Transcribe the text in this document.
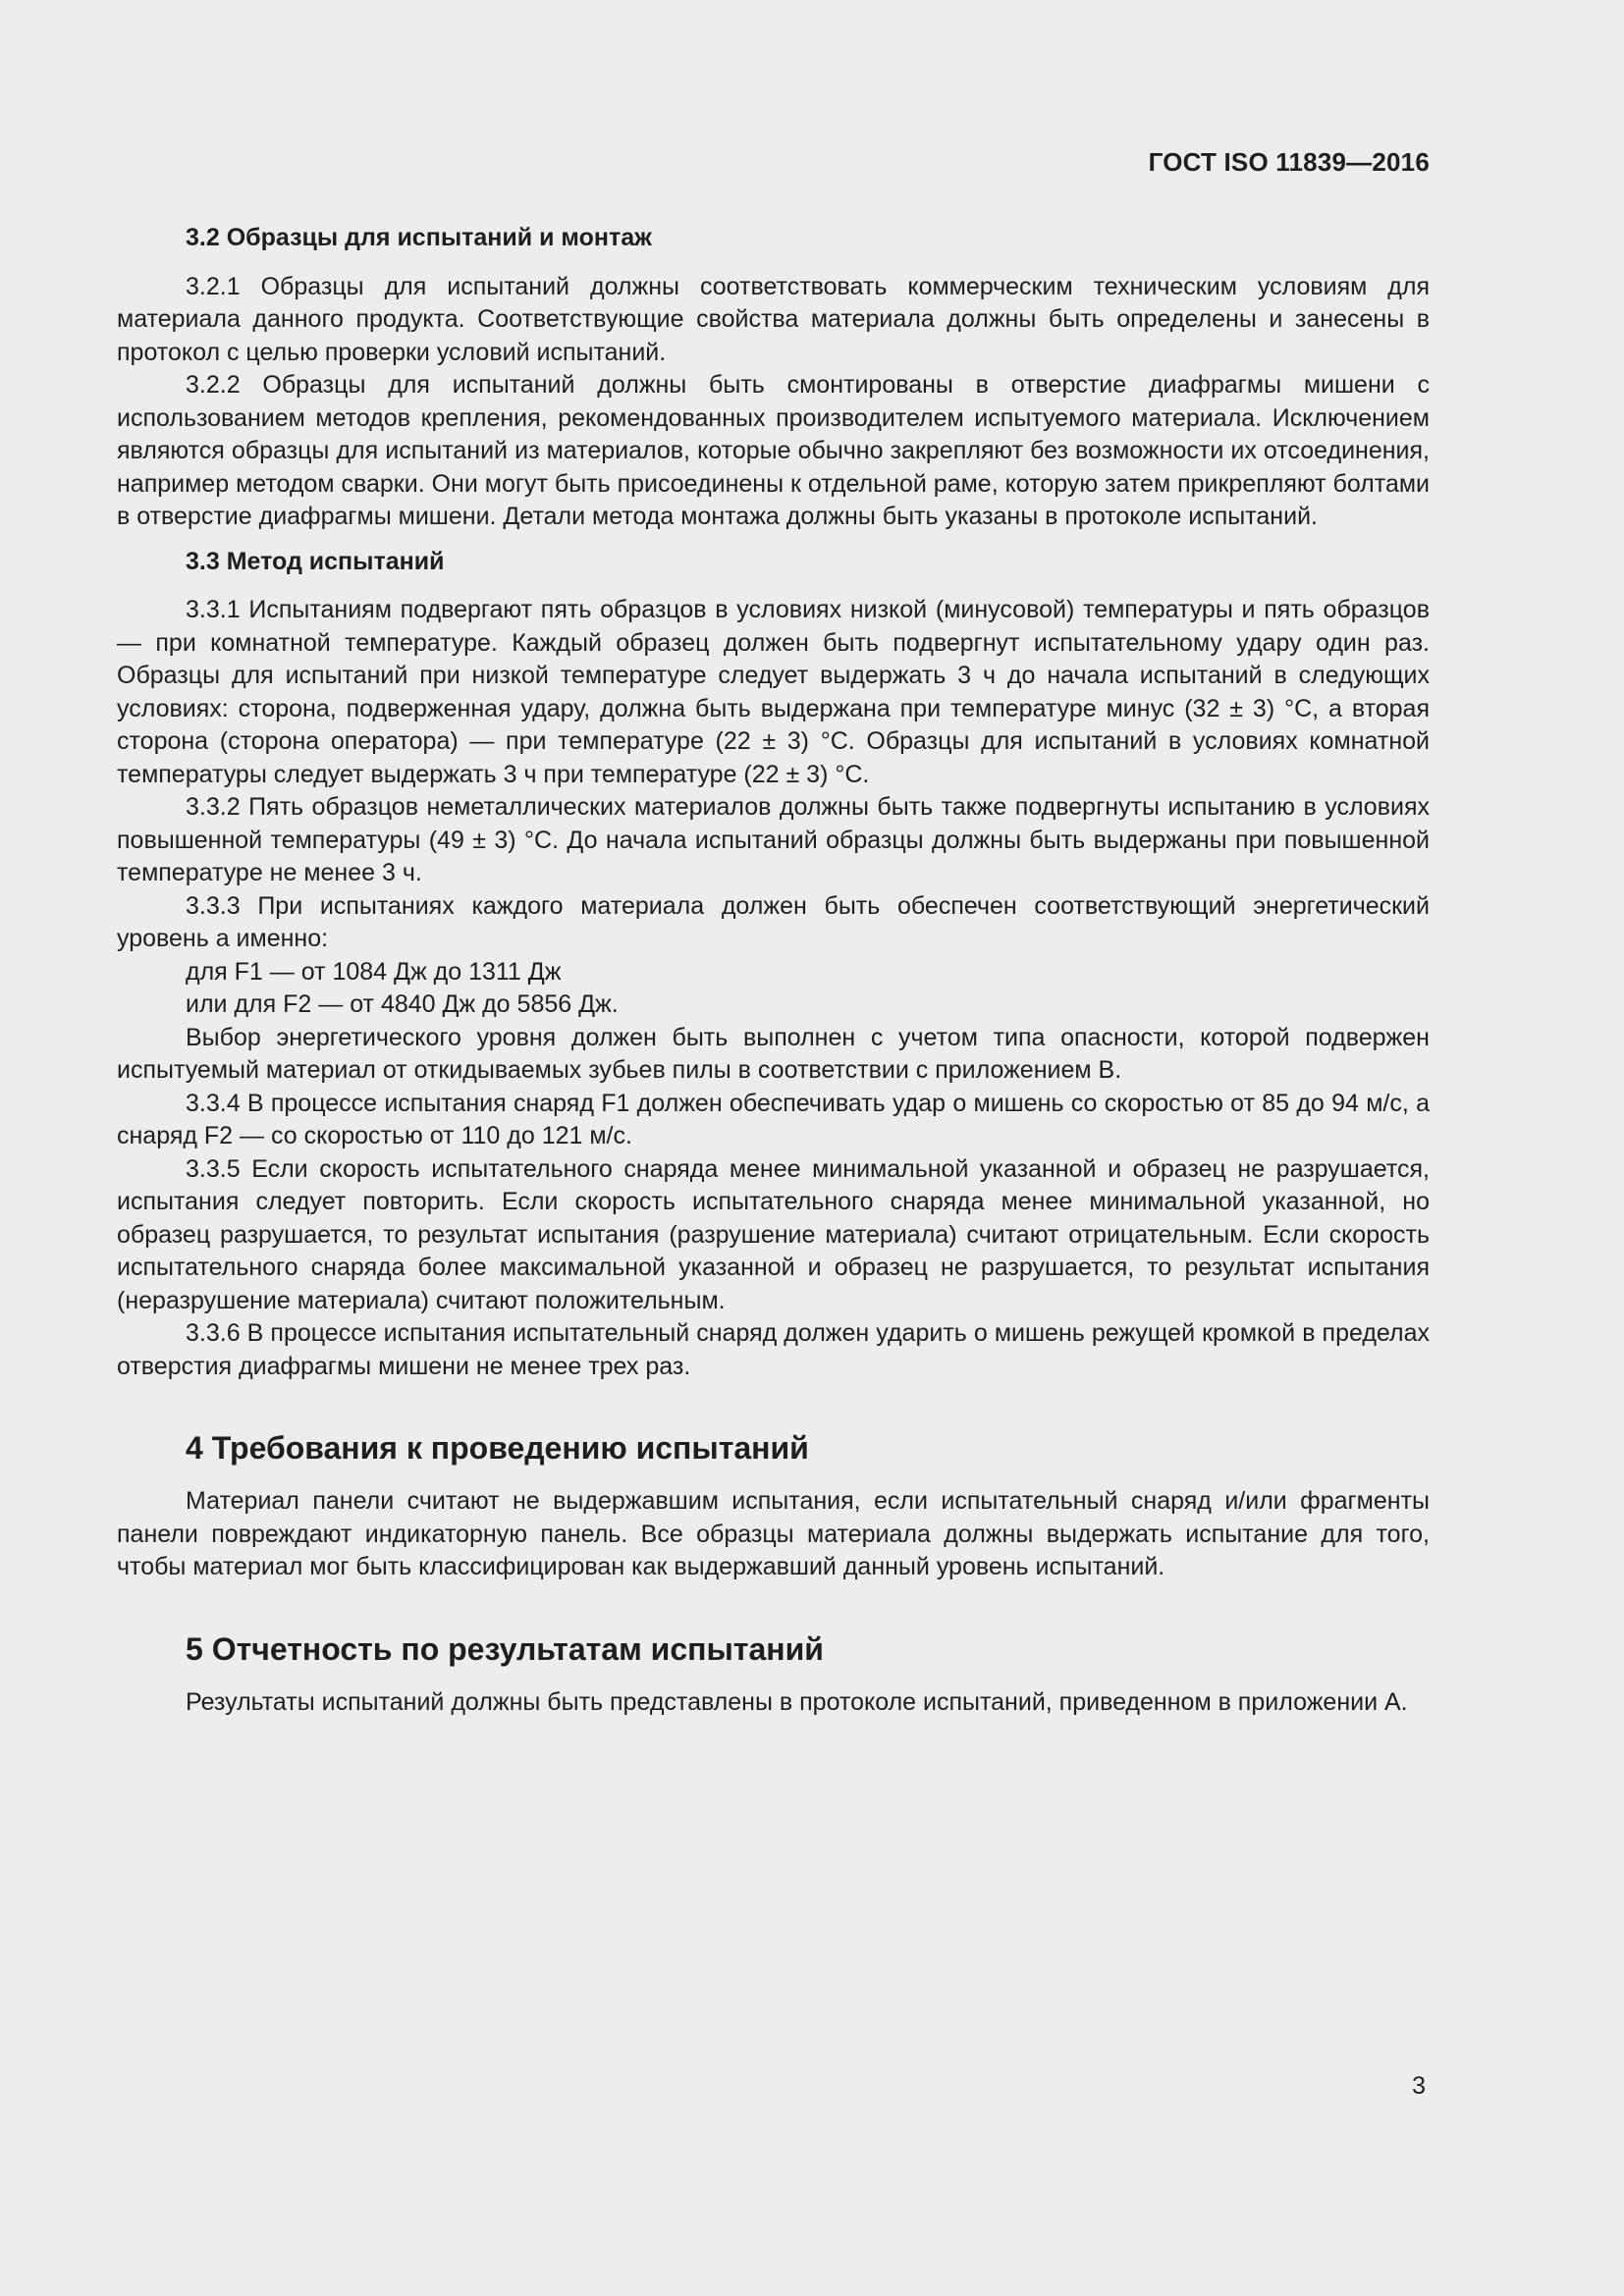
ГОСТ ISO 11839—2016
3.2 Образцы для испытаний и монтаж

3.2.1 Образцы для испытаний должны соответствовать коммерческим техническим условиям для материала данного продукта. Соответствующие свойства материала должны быть определены и занесены в протокол с целью проверки условий испытаний.

3.2.2 Образцы для испытаний должны быть смонтированы в отверстие диафрагмы мишени с использованием методов крепления, рекомендованных производителем испытуемого материала. Исключением являются образцы для испытаний из материалов, которые обычно закрепляют без возможности их отсоединения, например методом сварки. Они могут быть присоединены к отдельной раме, которую затем прикрепляют болтами в отверстие диафрагмы мишени. Детали метода монтажа должны быть указаны в протоколе испытаний.

3.3 Метод испытаний

3.3.1 Испытаниям подвергают пять образцов в условиях низкой (минусовой) температуры и пять образцов — при комнатной температуре. Каждый образец должен быть подвергнут испытательному удару один раз. Образцы для испытаний при низкой температуре следует выдержать 3 ч до начала испытаний в следующих условиях: сторона, подверженная удару, должна быть выдержана при температуре минус (32 ± 3) °C, а вторая сторона (сторона оператора) — при температуре (22 ± 3) °C. Образцы для испытаний в условиях комнатной температуры следует выдержать 3 ч при температуре (22 ± 3) °C.

3.3.2 Пять образцов неметаллических материалов должны быть также подвергнуты испытанию в условиях повышенной температуры (49 ± 3) °C. До начала испытаний образцы должны быть выдержаны при повышенной температуре не менее 3 ч.

3.3.3 При испытаниях каждого материала должен быть обеспечен соответствующий энергетический уровень а именно:

для F1 — от 1084 Дж до 1311 Дж

или для F2 — от 4840 Дж до 5856 Дж.

Выбор энергетического уровня должен быть выполнен с учетом типа опасности, которой подвержен испытуемый материал от откидываемых зубьев пилы в соответствии с приложением В.

3.3.4 В процессе испытания снаряд F1 должен обеспечивать удар о мишень со скоростью от 85 до 94 м/с, а снаряд F2 — со скоростью от 110 до 121 м/с.

3.3.5 Если скорость испытательного снаряда менее минимальной указанной и образец не разрушается, испытания следует повторить. Если скорость испытательного снаряда менее минимальной указанной, но образец разрушается, то результат испытания (разрушение материала) считают отрицательным. Если скорость испытательного снаряда более максимальной указанной и образец не разрушается, то результат испытания (неразрушение материала) считают положительным.

3.3.6 В процессе испытания испытательный снаряд должен ударить о мишень режущей кромкой в пределах отверстия диафрагмы мишени не менее трех раз.

4 Требования к проведению испытаний

Материал панели считают не выдержавшим испытания, если испытательный снаряд и/или фрагменты панели повреждают индикаторную панель. Все образцы материала должны выдержать испытание для того, чтобы материал мог быть классифицирован как выдержавший данный уровень испытаний.

5 Отчетность по результатам испытаний

Результаты испытаний должны быть представлены в протоколе испытаний, приведенном в приложении А.

3
